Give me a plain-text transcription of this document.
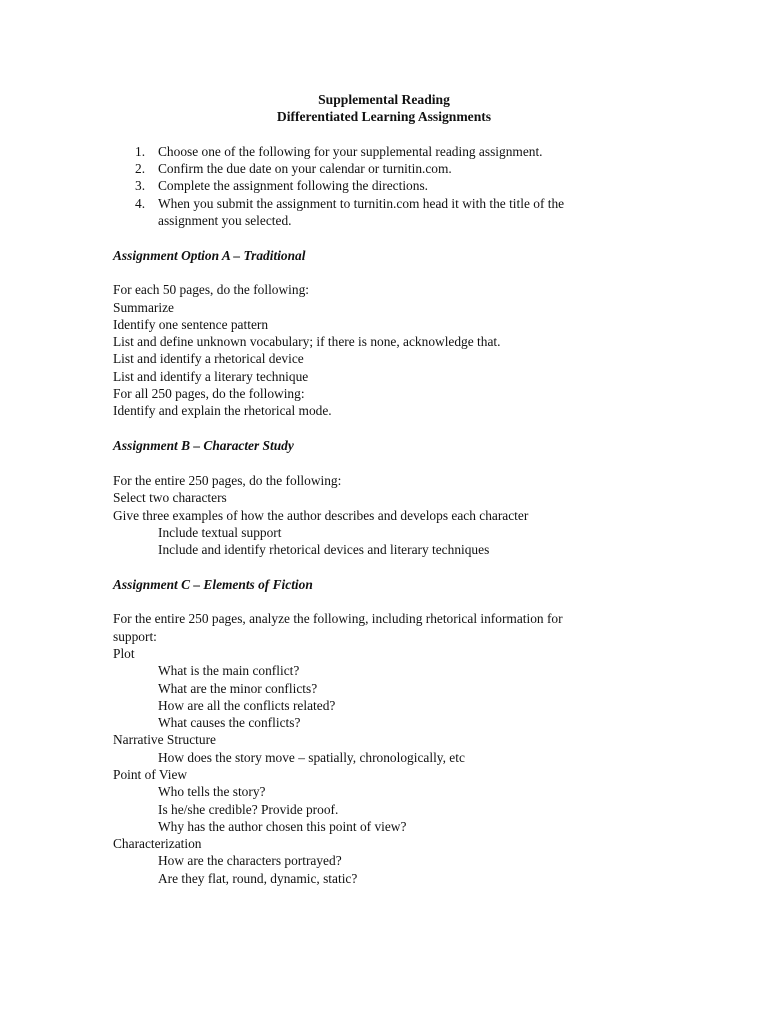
Supplemental Reading
Differentiated Learning Assignments
1. Choose one of the following for your supplemental reading assignment.
2. Confirm the due date on your calendar or turnitin.com.
3. Complete the assignment following the directions.
4. When you submit the assignment to turnitin.com head it with the title of the
assignment you selected.
Assignment Option A – Traditional
For each 50 pages, do the following:
Summarize
Identify one sentence pattern
List and define unknown vocabulary; if there is none, acknowledge that.
List and identify a rhetorical device
List and identify a literary technique
For all 250 pages, do the following:
Identify and explain the rhetorical mode.
Assignment B – Character Study
For the entire 250 pages, do the following:
Select two characters
Give three examples of how the author describes and develops each character
Include textual support
Include and identify rhetorical devices and literary techniques
Assignment C – Elements of Fiction
For the entire 250 pages, analyze the following, including rhetorical information for
support:
Plot
What is the main conflict?
What are the minor conflicts?
How are all the conflicts related?
What causes the conflicts?
Narrative Structure
How does the story move – spatially, chronologically, etc
Point of View
Who tells the story?
Is he/she credible? Provide proof.
Why has the author chosen this point of view?
Characterization
How are the characters portrayed?
Are they flat, round, dynamic, static?
